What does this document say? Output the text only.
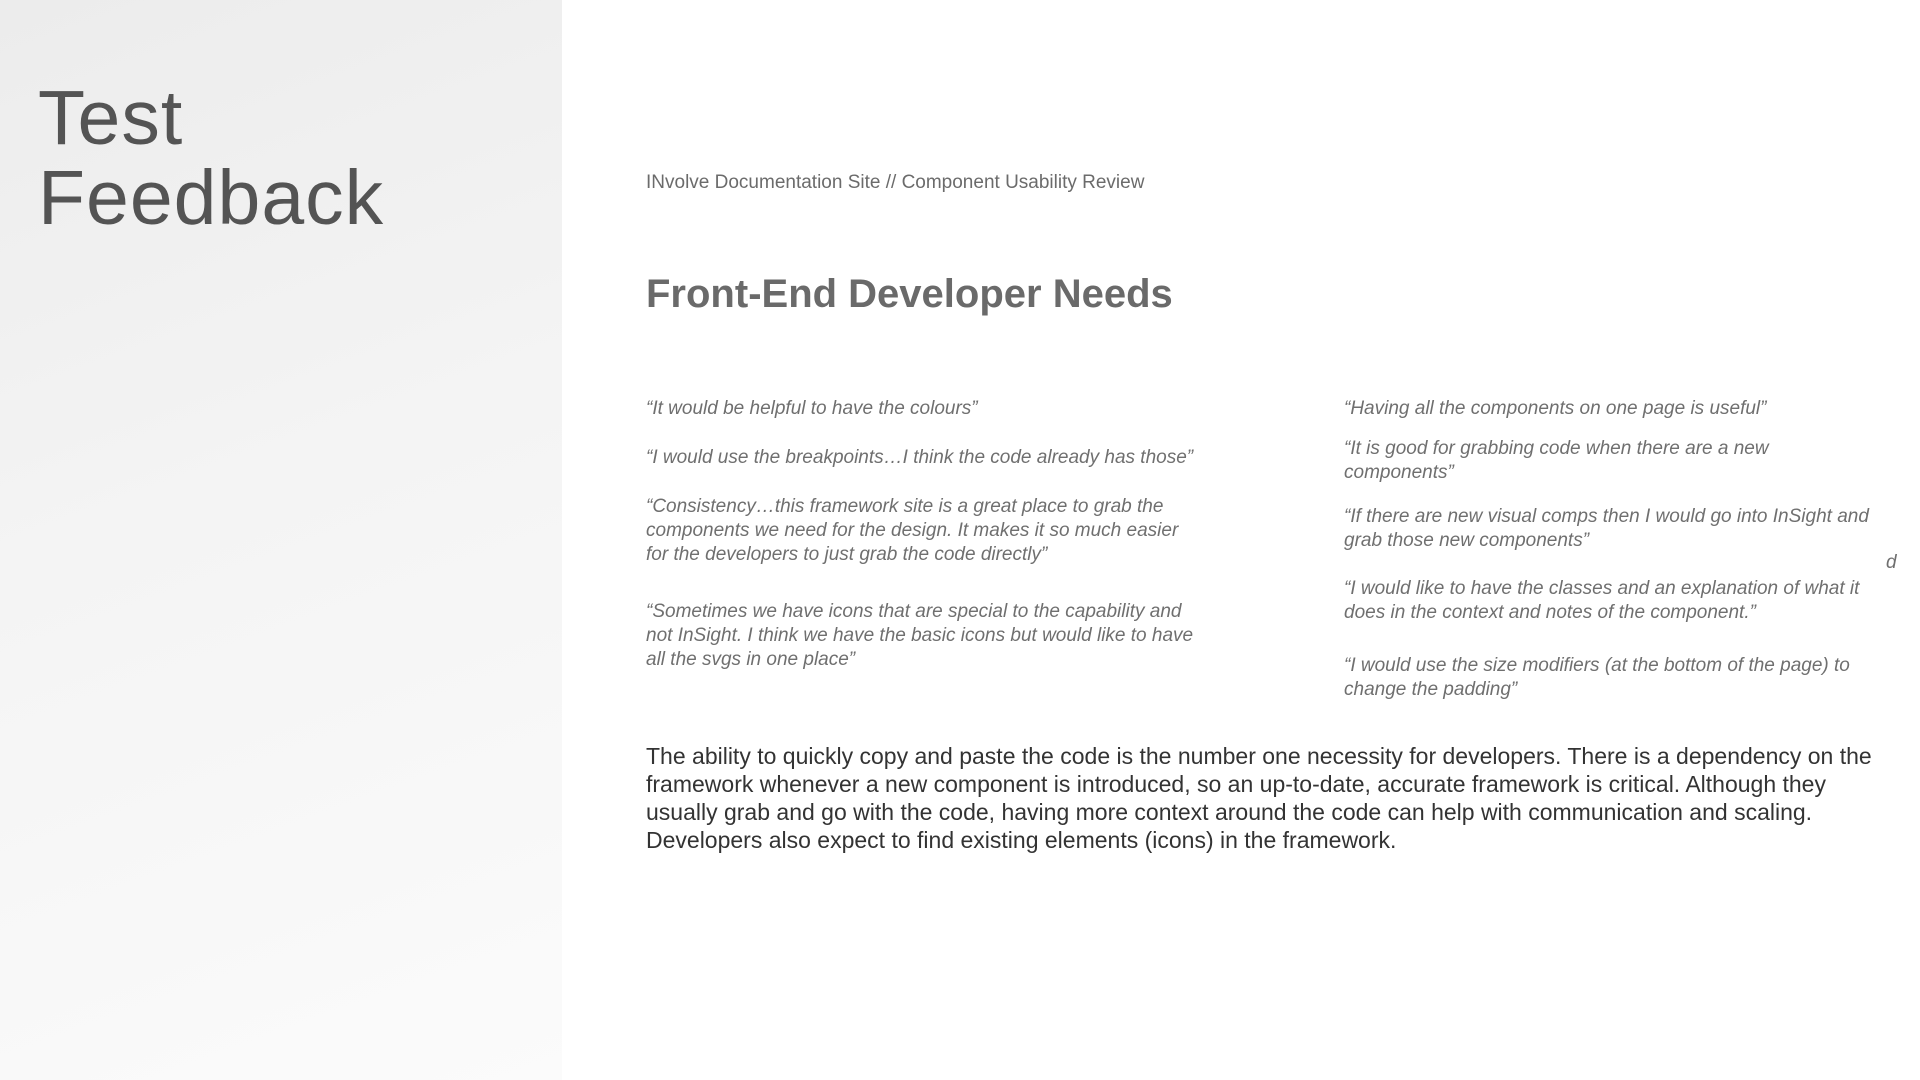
Test
Feedback	INvolve Documentation Site // Component Usability Review

Front-End Developer Needs

“It would be helpful to have the colours”

“I would use the breakpoints…I think the code already has those”

“Consistency…this framework site is a great place to grab the components we need for the design. It makes it so much easier for the developers to just grab the code directly”

“Sometimes we have icons that are special to the capability and not InSight. I think we have the basic icons but would like to have all the svgs in one place”

“Having all the components on one page is useful”

“It is good for grabbing code when there are a new components”

“If there are new visual comps then I would go into InSight and grab those new components”

“I would like to have the classes and an explanation of what it does in the context and notes of the component.”

“I would use the size modifiers (at the bottom of the page) to change the padding”

d

The ability to quickly copy and paste the code is the number one necessity for developers. There is a dependency on the framework whenever a new component is introduced, so an up-to-date, accurate framework is critical. Although they usually grab and go with the code, having more context around the code can help with communication and scaling. Developers also expect to find existing elements (icons) in the framework.
